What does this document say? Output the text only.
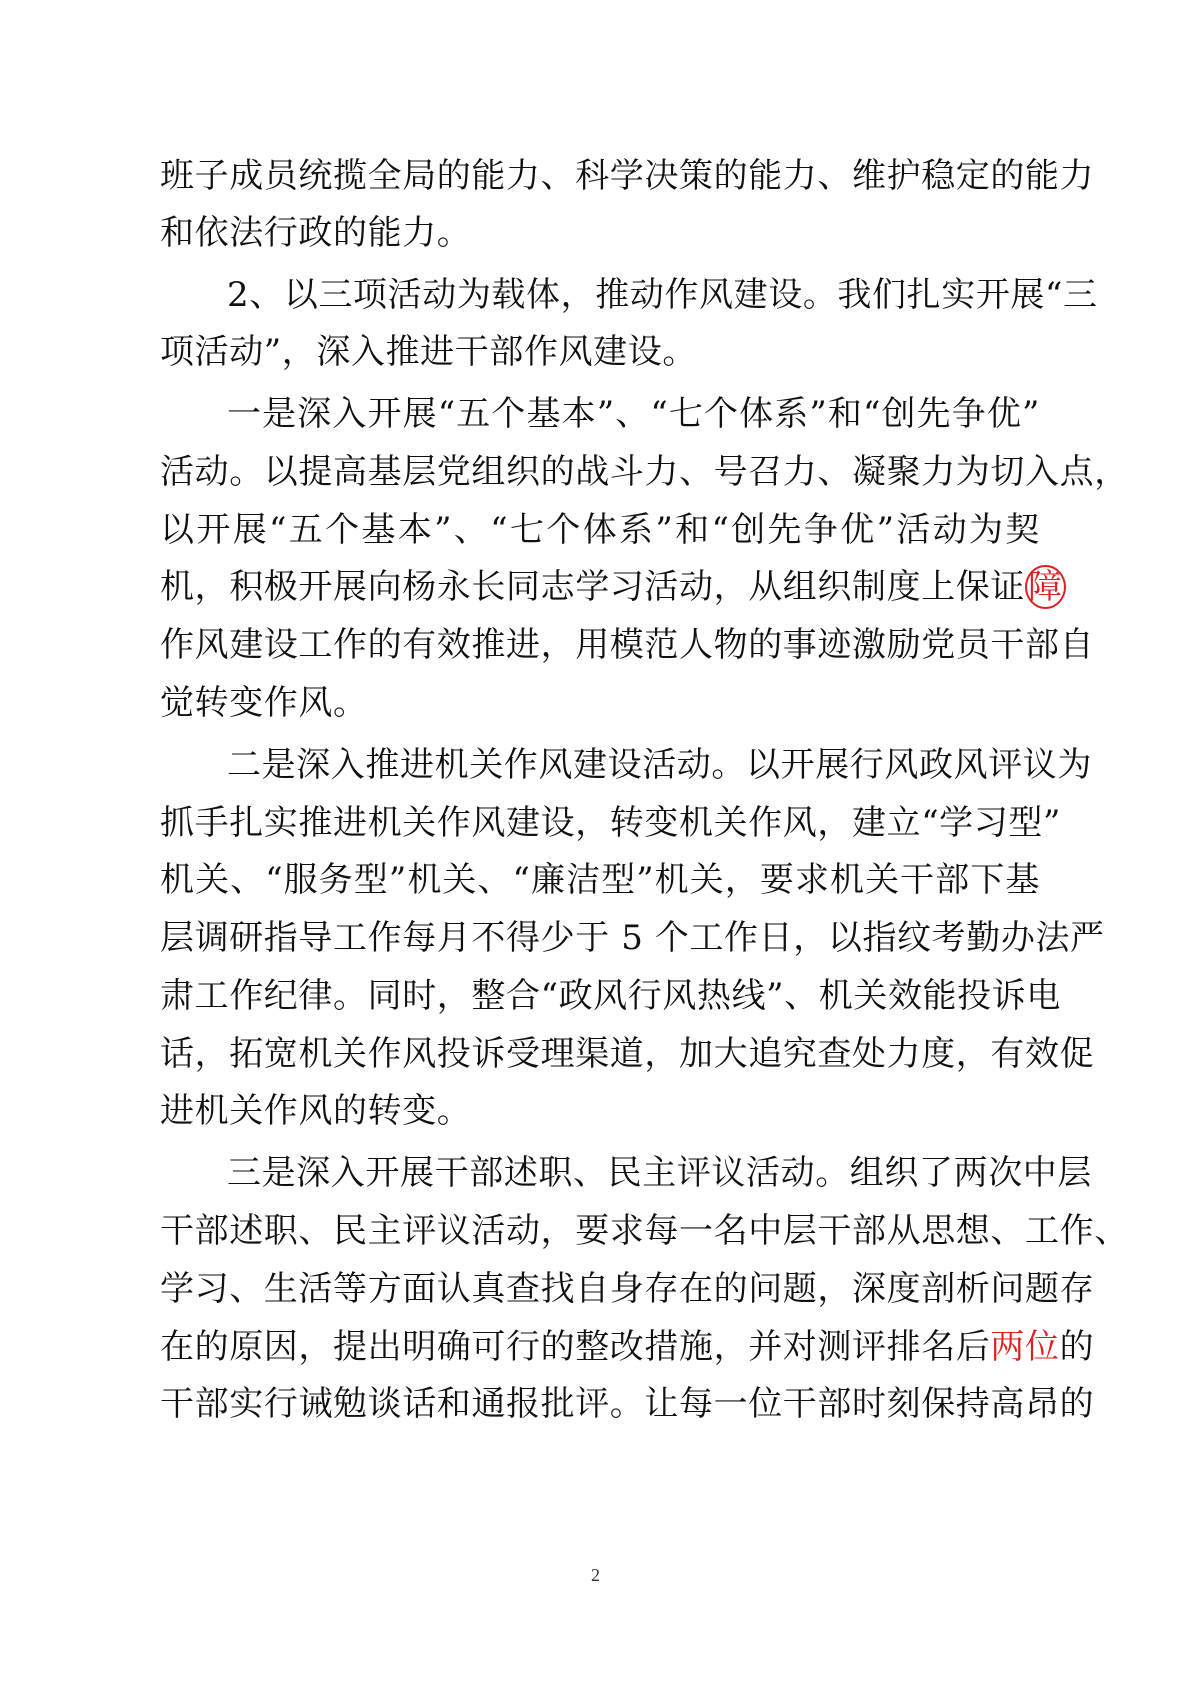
班子成员统揽全局的能力、科学决策的能力、维护稳定的能力
和依法行政的能力。
2、以三项活动为载体，推动作风建设。我们扎实开展“三
项活动”，深入推进干部作风建设。
一是深入开展“五个基本”、“七个体系”和“创先争优”
活动。以提高基层党组织的战斗力、号召力、凝聚力为切入点，
以开展“五个基本”、“七个体系”和“创先争优”活动为契
机，积极开展向杨永长同志学习活动，从组织制度上保证障
作风建设工作的有效推进，用模范人物的事迹激励党员干部自
觉转变作风。
二是深入推进机关作风建设活动。以开展行风政风评议为
抓手扎实推进机关作风建设，转变机关作风，建立“学习型”
机关、“服务型”机关、“廉洁型”机关，要求机关干部下基
层调研指导工作每月不得少于 5 个工作日，以指纹考勤办法严
肃工作纪律。同时，整合“政风行风热线”、机关效能投诉电
话，拓宽机关作风投诉受理渠道，加大追究查处力度，有效促
进机关作风的转变。
三是深入开展干部述职、民主评议活动。组织了两次中层
干部述职、民主评议活动，要求每一名中层干部从思想、工作、
学习、生活等方面认真查找自身存在的问题，深度剖析问题存
在的原因，提出明确可行的整改措施，并对测评排名后两位的
干部实行诫勉谈话和通报批评。让每一位干部时刻保持高昂的
2
